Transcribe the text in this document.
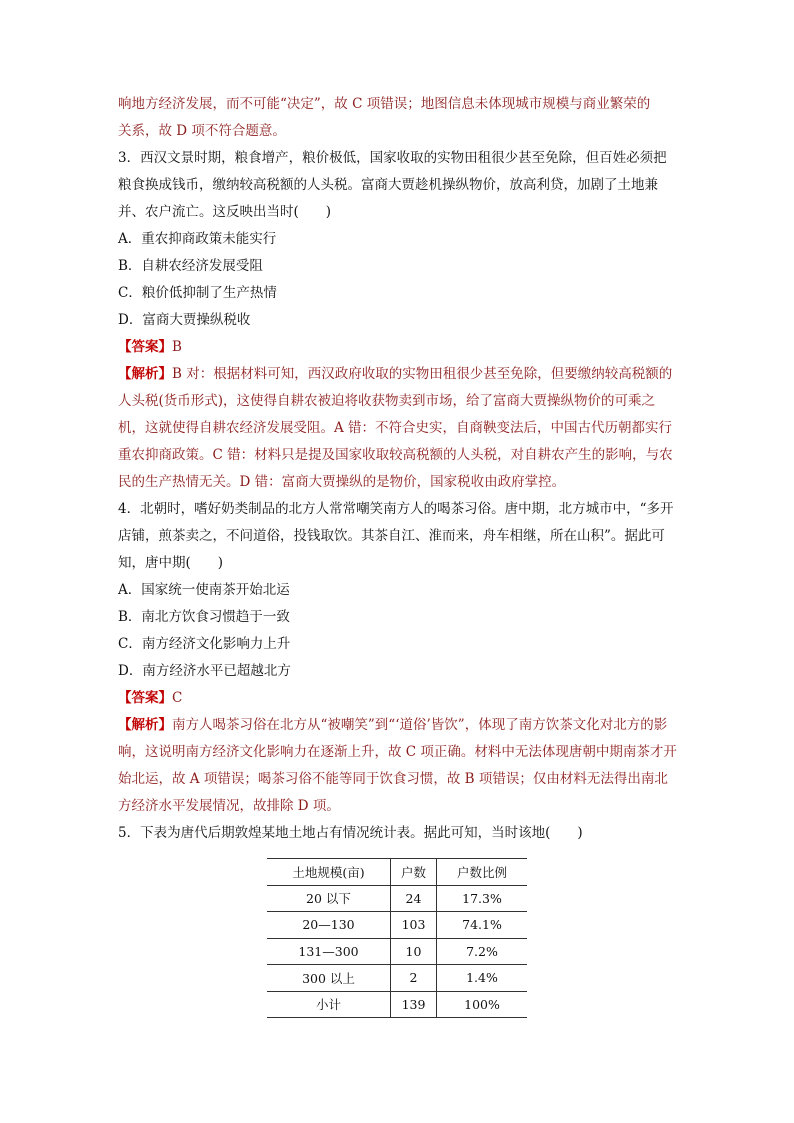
响地方经济发展，而不可能“决定”，故 C 项错误；地图信息未体现城市规模与商业繁荣的
关系，故 D 项不符合题意。

3．西汉文景时期，粮食增产，粮价极低，国家收取的实物田租很少甚至免除，但百姓必须把粮食换成钱币，缴纳较高税额的人头税。富商大贾趁机操纵物价，放高利贷，加剧了土地兼并、农户流亡。这反映出当时(　　)

A．重农抑商政策未能实行

B．自耕农经济发展受阻

C．粮价低抑制了生产热情

D．富商大贾操纵税收

【答案】B

【解析】B 对：根据材料可知，西汉政府收取的实物田租很少甚至免除，但要缴纳较高税额的人头税(货币形式)，这使得自耕农被迫将收获物卖到市场，给了富商大贾操纵物价的可乘之机，这就使得自耕农经济发展受阻。A 错：不符合史实，自商鞅变法后，中国古代历朝都实行重农抑商政策。C 错：材料只是提及国家收取较高税额的人头税，对自耕农产生的影响，与农民的生产热情无关。D 错：富商大贾操纵的是物价，国家税收由政府掌控。

4．北朝时，嗜好奶类制品的北方人常常嘲笑南方人的喝茶习俗。唐中期，北方城市中，“多开店铺，煎茶卖之，不问道俗，投钱取饮。其茶自江、淮而来，舟车相继，所在山积”。据此可知，唐中期(　　)

A．国家统一使南茶开始北运

B．南北方饮食习惯趋于一致

C．南方经济文化影响力上升

D．南方经济水平已超越北方

【答案】C

【解析】南方人喝茶习俗在北方从“被嘲笑”到“‘道俗’皆饮”，体现了南方饮茶文化对北方的影响，这说明南方经济文化影响力在逐渐上升，故 C 项正确。材料中无法体现唐朝中期南茶才开始北运，故 A 项错误；喝茶习俗不能等同于饮食习惯，故 B 项错误；仅由材料无法得出南北方经济水平发展情况，故排除 D 项。

5．下表为唐代后期敦煌某地土地占有情况统计表。据此可知，当时该地(　　)

土地规模(亩)	户数	户数比例
20 以下	24	17.3%
20—130	103	74.1%
131—300	10	7.2%
300 以上	2	1.4%
小计	139	100%
